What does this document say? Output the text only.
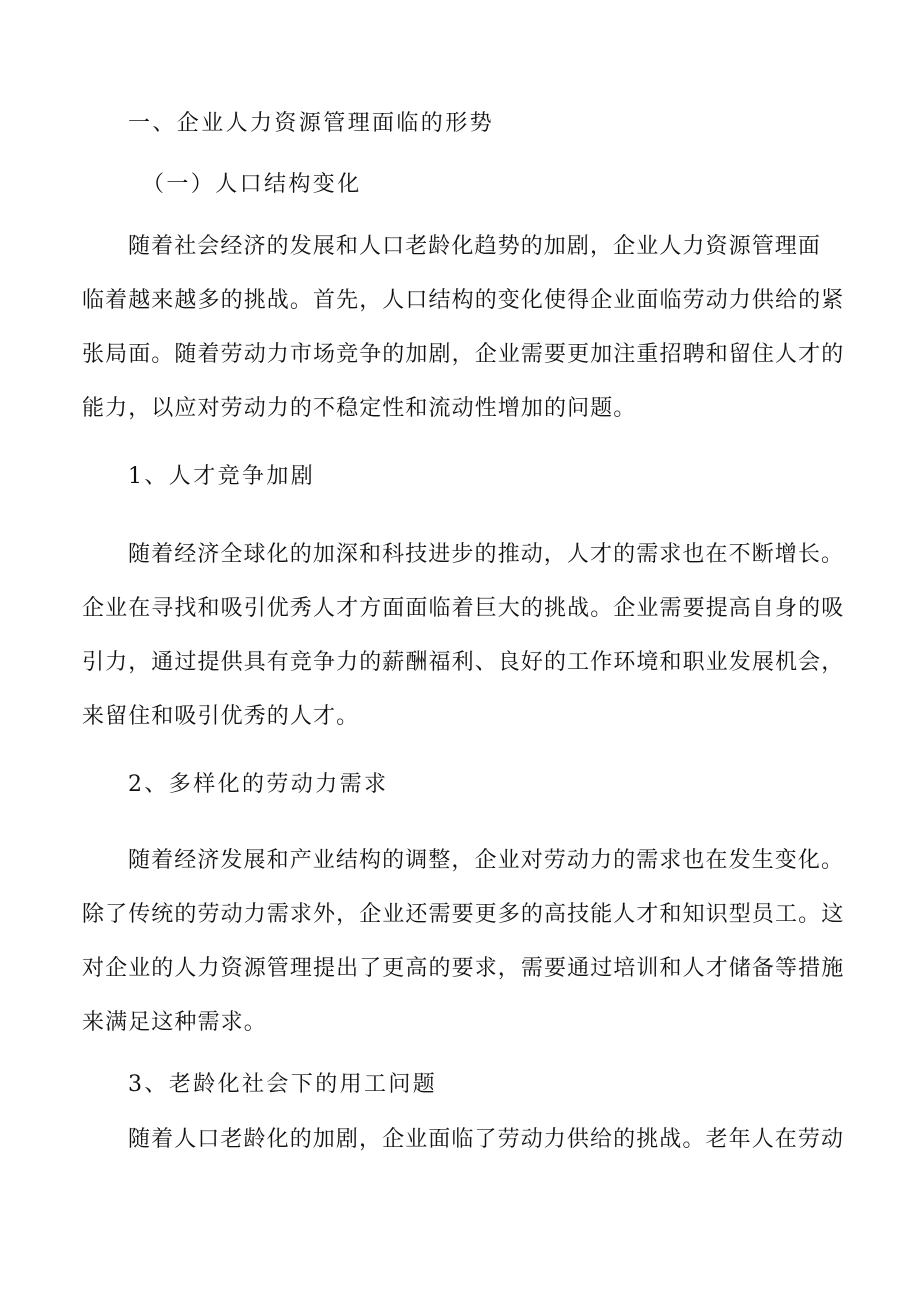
一、企业人力资源管理面临的形势
（一）人口结构变化
随着社会经济的发展和人口老龄化趋势的加剧，企业人力资源管理面
临着越来越多的挑战。首先，人口结构的变化使得企业面临劳动力供给的紧
张局面。随着劳动力市场竞争的加剧，企业需要更加注重招聘和留住人才的
能力，以应对劳动力的不稳定性和流动性增加的问题。
1、人才竞争加剧
随着经济全球化的加深和科技进步的推动，人才的需求也在不断增长。
企业在寻找和吸引优秀人才方面面临着巨大的挑战。企业需要提高自身的吸
引力，通过提供具有竞争力的薪酬福利、良好的工作环境和职业发展机会，
来留住和吸引优秀的人才。
2、多样化的劳动力需求
随着经济发展和产业结构的调整，企业对劳动力的需求也在发生变化。
除了传统的劳动力需求外，企业还需要更多的高技能人才和知识型员工。这
对企业的人力资源管理提出了更高的要求，需要通过培训和人才储备等措施
来满足这种需求。
3、老龄化社会下的用工问题
随着人口老龄化的加剧，企业面临了劳动力供给的挑战。老年人在劳动
